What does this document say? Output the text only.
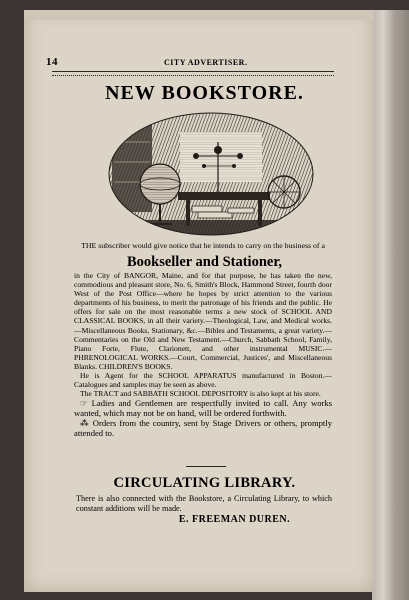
14	CITY ADVERTISER.
NEW BOOKSTORE.
THE subscriber would give notice that he intends to carry on the business of a
Bookseller and Stationer,

in the City of BANGOR, Maine, and for that purpose, he has taken the new, commodious and pleasant store, No. 6, Smith's Block, Hammond Street, fourth door West of the Post Office—where he hopes by strict attention to the various departments of his business, to merit the patronage of his friends and the public. He offers for sale on the most reasonable terms a new stock of SCHOOL AND CLASSICAL BOOKS, in all their variety.—Theological, Law, and Medical works.—Miscellaneous Books, Stationary, &c.—Bibles and Testaments, a great variety.—Commentaries on the Old and New Testament.—Church, Sabbath School, Family, Piano Forte, Flute, Clarionett, and other instrumental MUSIC.—PHRENOLOGICAL WORKS.—Court, Commercial, Justices', and Miscellaneous Blanks. CHILDREN'S BOOKS.

He is Agent for the SCHOOL APPARATUS manufactured in Boston.—Catalogues and samples may be seen as above.

The TRACT and SABBATH SCHOOL DEPOSITORY is also kept at his store.

☞ Ladies and Gentlemen are respectfully invited to call. Any works wanted, which may not be on hand, will be ordered forthwith.

⁂ Orders from the country, sent by Stage Drivers or others, promptly attended to.

CIRCULATING LIBRARY.
There is also connected with the Bookstore, a Circulating Library, to which constant additions will be made.
E. FREEMAN DUREN.
